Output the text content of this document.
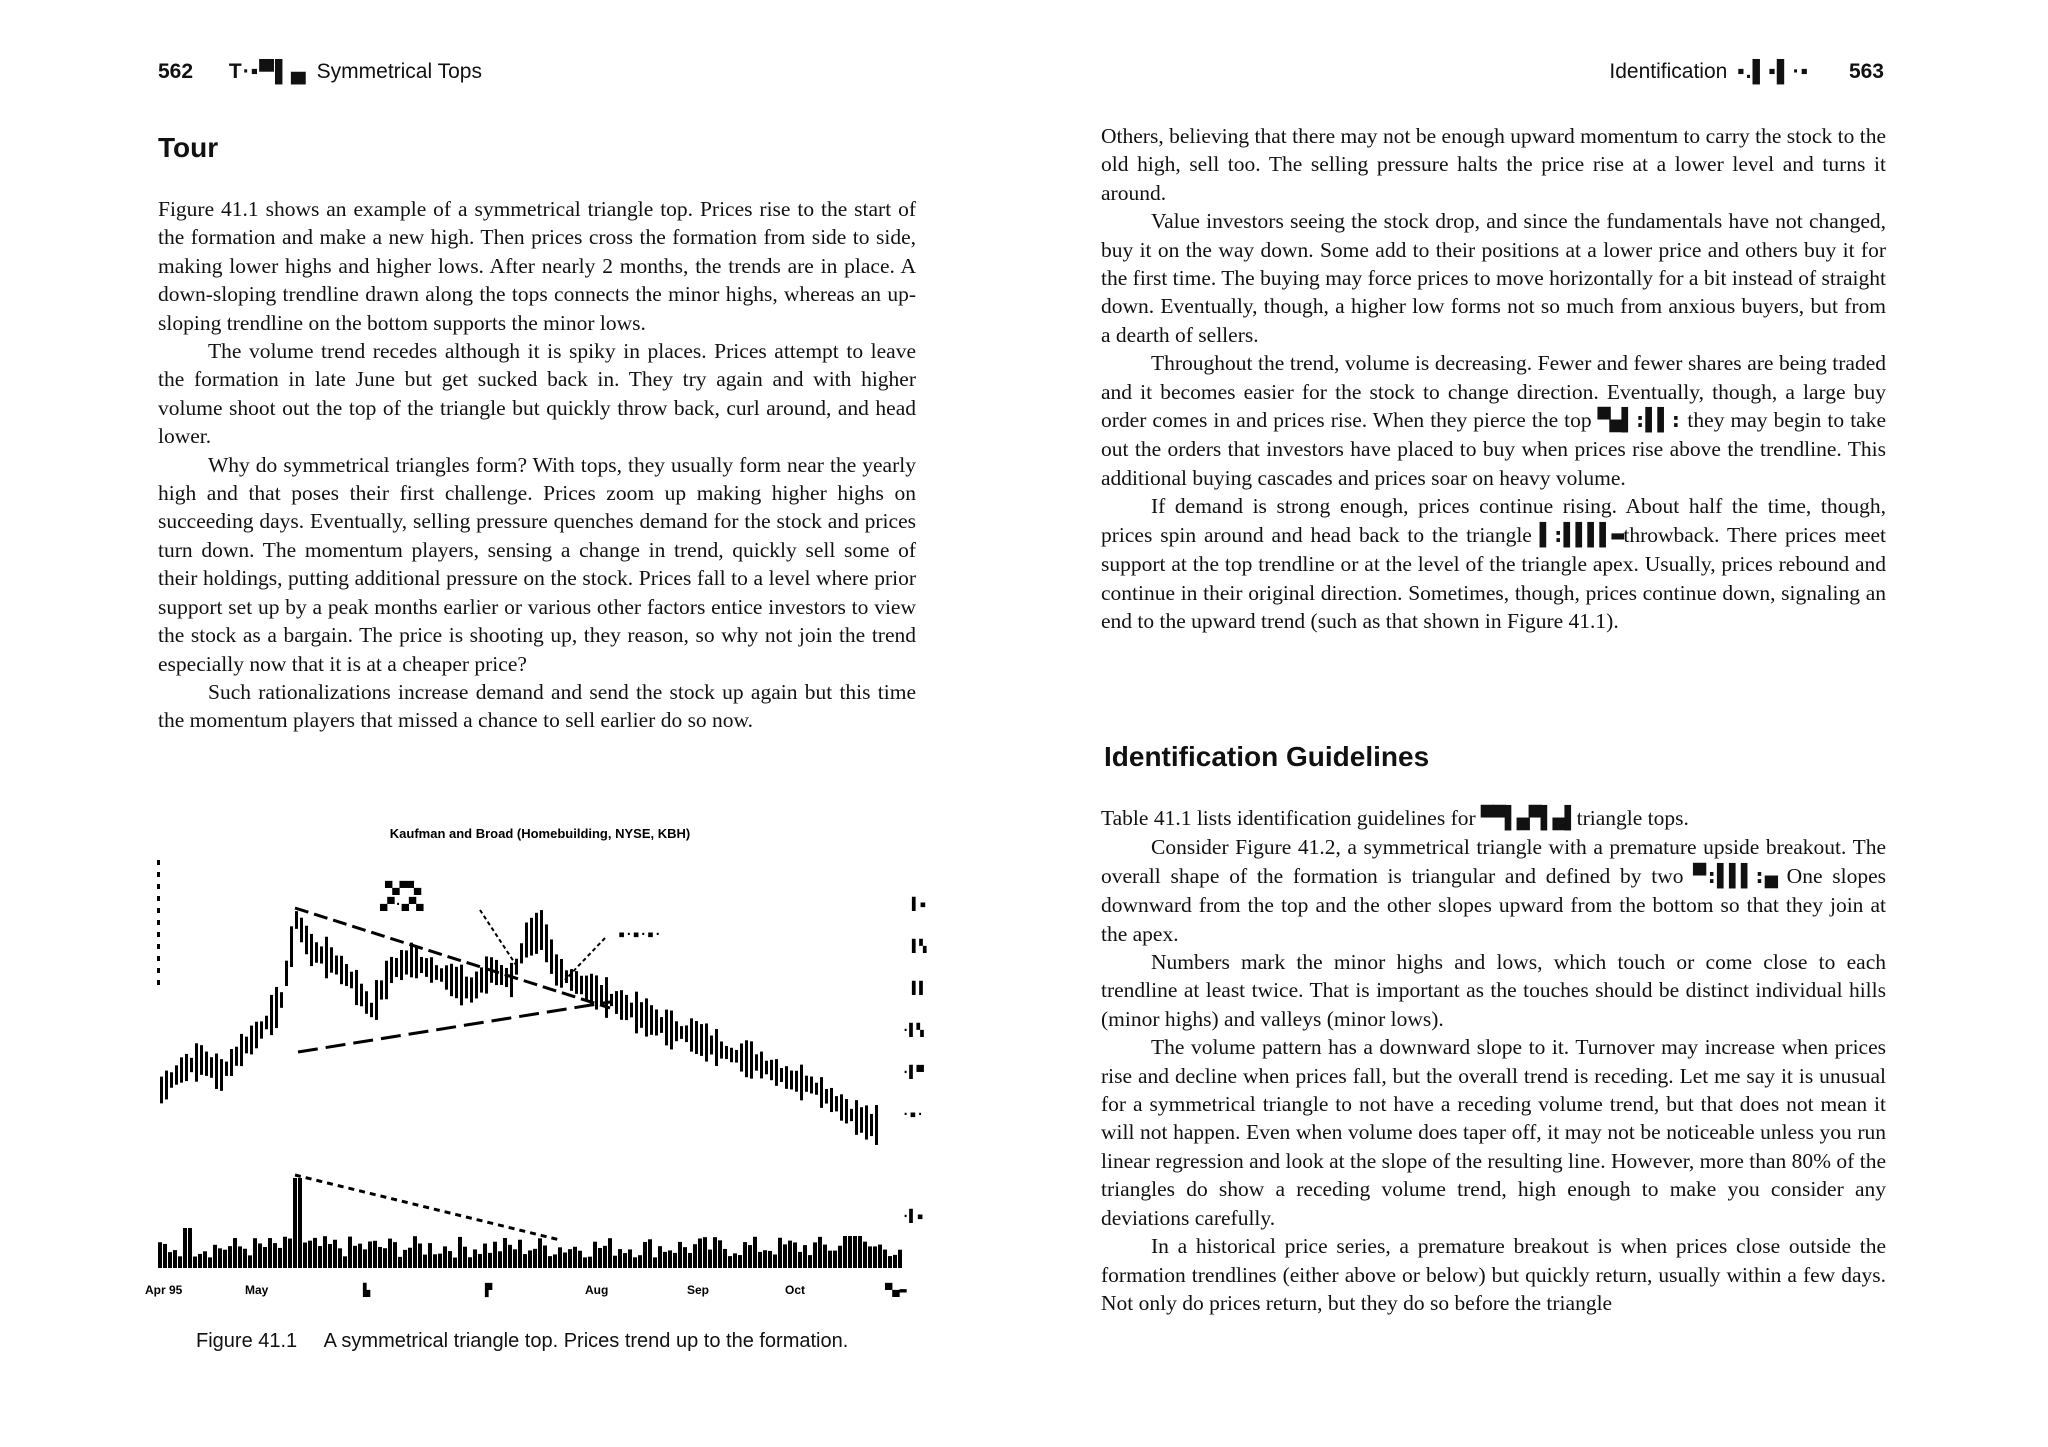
562 T·▪▀▌▄ Symmetrical Tops
Tour

Figure 41.1 shows an example of a symmetrical triangle top. Prices rise to the start of the formation and make a new high. Then prices cross the formation from side to side, making lower highs and higher lows. After nearly 2 months, the trends are in place. A down-sloping trendline drawn along the tops connects the minor highs, whereas an up-sloping trendline on the bottom supports the minor lows.

The volume trend recedes although it is spiky in places. Prices attempt to leave the formation in late June but get sucked back in. They try again and with higher volume shoot out the top of the triangle but quickly throw back, curl around, and head lower.

Why do symmetrical triangles form? With tops, they usually form near the yearly high and that poses their first challenge. Prices zoom up making higher highs on succeeding days. Eventually, selling pressure quenches demand for the stock and prices turn down. The momentum players, sensing a change in trend, quickly sell some of their holdings, putting additional pressure on the stock. Prices fall to a level where prior support set up by a peak months earlier or various other factors entice investors to view the stock as a bargain. The price is shooting up, they reason, so why not join the trend especially now that it is at a cheaper price?

Such rationalizations increase demand and send the stock up again but this time the momentum players that missed a chance to sell earlier do so now.

Kaufman and Broad (Homebuilding, NYSE, KBH)
▀▄▀▀▄
▄▀·▄▀▄
▪·▪·▪·
▌▪
▌▚
▌▌
·▌▚
·▌▀
·▪·
·▌▪
Apr 95	May	▙	▛	Aug	Sep	Oct	▀▄▬
Figure 41.1 A symmetrical triangle top. Prices trend up to the formation.
Identification ▪.▌▪▌·▪ 563

Others, believing that there may not be enough upward momentum to carry the stock to the old high, sell too. The selling pressure halts the price rise at a lower level and turns it around.

Value investors seeing the stock drop, and since the fundamentals have not changed, buy it on the way down. Some add to their positions at a lower price and others buy it for the first time. The buying may force prices to move horizontally for a bit instead of straight down. Eventually, though, a higher low forms not so much from anxious buyers, but from a dearth of sellers.

Throughout the trend, volume is decreasing. Fewer and fewer shares are being traded and it becomes easier for the stock to change direction. Eventually, though, a large buy order comes in and prices rise. When they pierce the top ▀▄▌:▌▌: they may begin to take out the orders that investors have placed to buy when prices rise above the trendline. This additional buying cascades and prices soar on heavy volume.

If demand is strong enough, prices continue rising. About half the time, though, prices spin around and head back to the triangle ▌:▌▌▌▌▬throwback. There prices meet support at the top trendline or at the level of the triangle apex. Usually, prices rebound and continue in their original direction. Sometimes, though, prices continue down, signaling an end to the upward trend (such as that shown in Figure 41.1).

Identification Guidelines

Table 41.1 lists identification guidelines for ▀▀▌▄▀▌▄▌triangle tops.

Consider Figure 41.2, a symmetrical triangle with a premature upside breakout. The overall shape of the formation is triangular and defined by two ▀:▌▌▌:▄ One slopes downward from the top and the other slopes upward from the bottom so that they join at the apex.

Numbers mark the minor highs and lows, which touch or come close to each trendline at least twice. That is important as the touches should be distinct individual hills (minor highs) and valleys (minor lows).

The volume pattern has a downward slope to it. Turnover may increase when prices rise and decline when prices fall, but the overall trend is receding. Let me say it is unusual for a symmetrical triangle to not have a receding volume trend, but that does not mean it will not happen. Even when volume does taper off, it may not be noticeable unless you run linear regression and look at the slope of the resulting line. However, more than 80% of the triangles do show a receding volume trend, high enough to make you consider any deviations carefully.

In a historical price series, a premature breakout is when prices close outside the formation trendlines (either above or below) but quickly return, usually within a few days. Not only do prices return, but they do so before the triangle
